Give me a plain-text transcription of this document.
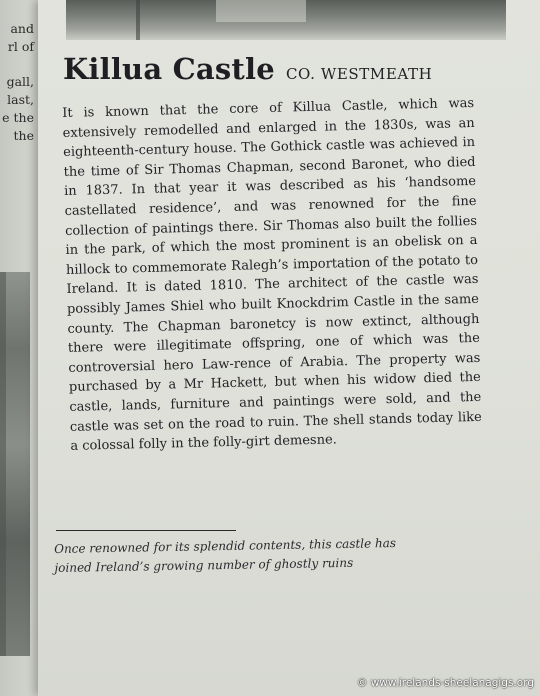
and
rl of
gall,
last,
e the
the
Killua Castle CO. WESTMEATH

It is known that the core of Killua Castle, which was extensively remodelled and enlarged in the 1830s, was an eighteenth-century house. The Gothick castle was achieved in the time of Sir Thomas Chapman, second Baronet, who died in 1837. In that year it was described as his ‘handsome castellated residence’, and was renowned for the fine collection of paintings there. Sir Thomas also built the follies in the park, of which the most prominent is an obelisk on a hillock to commemorate Ralegh’s importation of the potato to Ireland. It is dated 1810. The architect of the castle was possibly James Shiel who built Knockdrim Castle in the same county. The Chapman baronetcy is now extinct, although there were illegitimate offspring, one of which was the controversial hero Law-rence of Arabia. The property was purchased by a Mr Hackett, but when his widow died the castle, lands, furniture and paintings were sold, and the castle was set on the road to ruin. The shell stands today like a colossal folly in the folly-girt demesne.

Once renowned for its splendid contents, this castle has
joined Ireland’s growing number of ghostly ruins
© www.irelands-sheelanagigs.org
